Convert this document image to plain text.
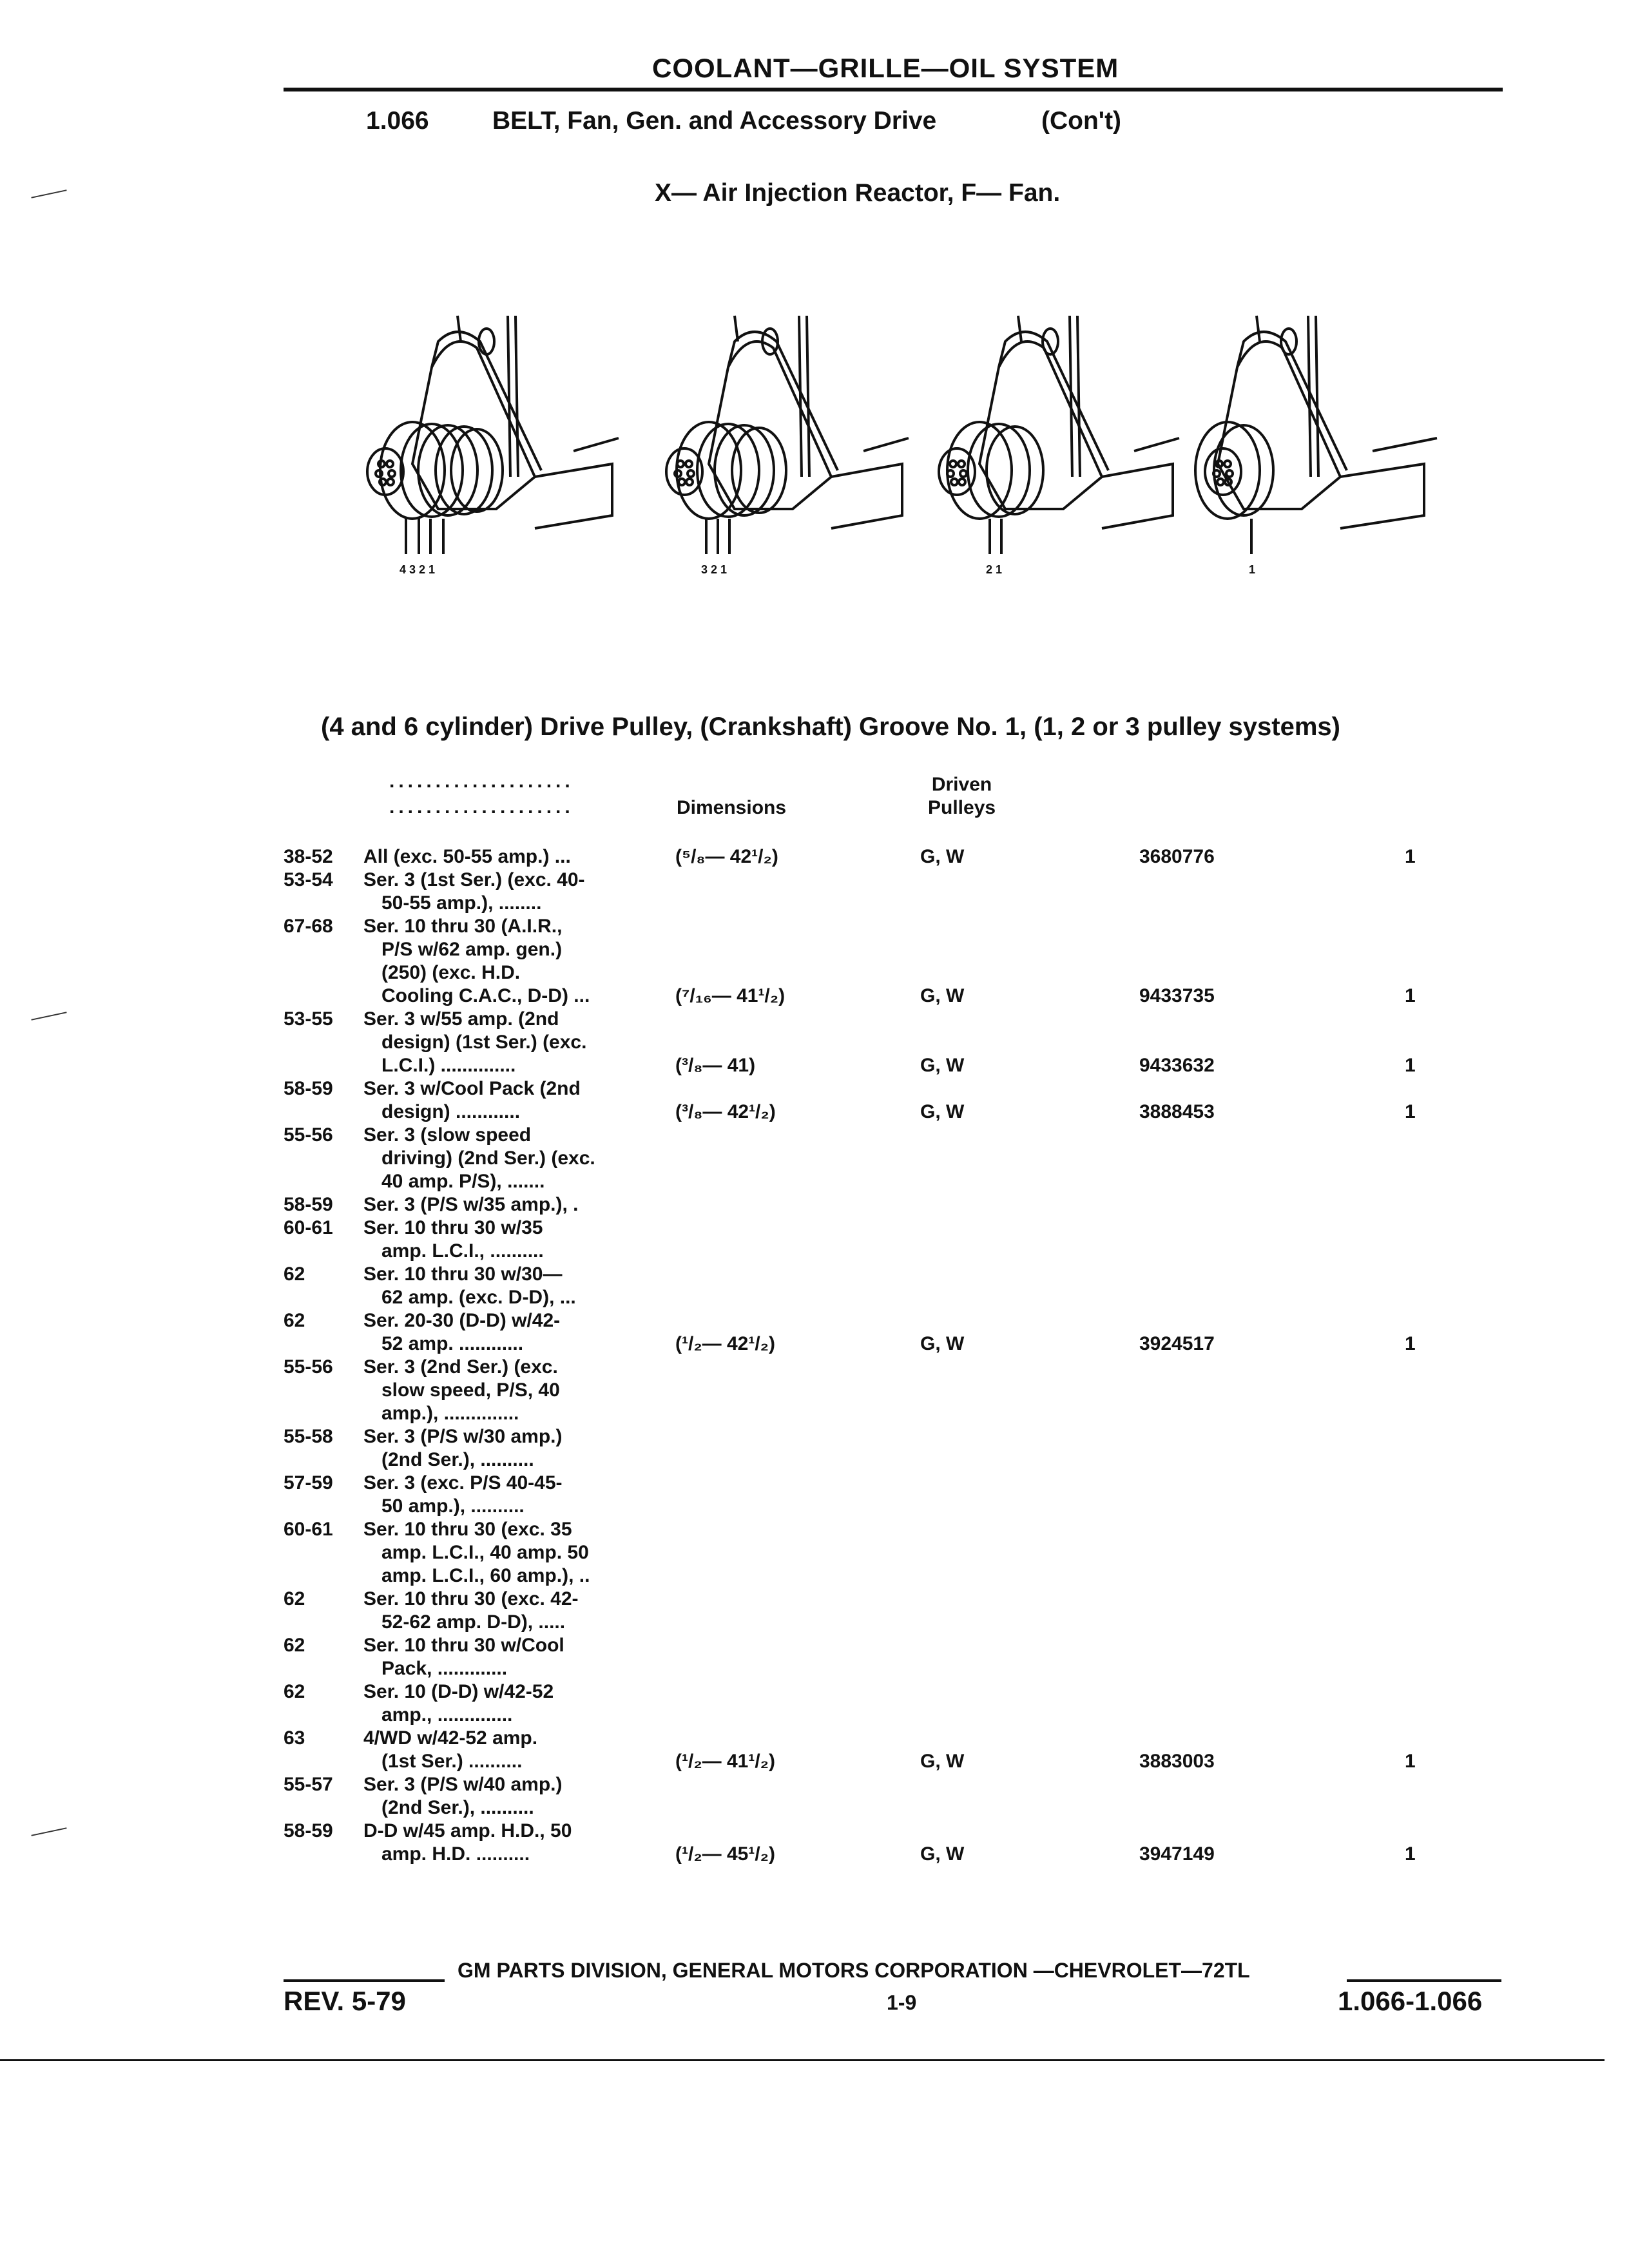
COOLANT—GRILLE—OIL SYSTEM
1.066	BELT, Fan, Gen. and Accessory Drive	(Con't)
X— Air Injection Reactor, F— Fan.
4 3 2 1	3 2 1	2 1	1
(4 and 6 cylinder) Drive Pulley, (Crankshaft) Groove No. 1, (1, 2 or 3 pulley systems)
....................
....................	Dimensions
Driven
Pulleys
38-52	All (exc. 50-55 amp.) ...	(⁵/₈— 42¹/₂)	G, W	3680776	1
53-54	Ser. 3 (1st Ser.) (exc. 40-
50-55 amp.), ........
67-68	Ser. 10 thru 30 (A.I.R.,
P/S w/62 amp. gen.)
(250) (exc. H.D.
Cooling C.A.C., D-D) ...	(⁷/₁₆— 41¹/₂)	G, W	9433735	1
53-55	Ser. 3 w/55 amp. (2nd
design) (1st Ser.) (exc.
L.C.I.) ..............	(³/₈— 41)	G, W	9433632	1
58-59	Ser. 3 w/Cool Pack (2nd
design) ............	(³/₈— 42¹/₂)	G, W	3888453	1
55-56	Ser. 3 (slow speed
driving) (2nd Ser.) (exc.
40 amp. P/S), .......
58-59	Ser. 3 (P/S w/35 amp.), .
60-61	Ser. 10 thru 30 w/35
amp. L.C.I., ..........
62	Ser. 10 thru 30 w/30—
62 amp. (exc. D-D), ...
62	Ser. 20-30 (D-D) w/42-
52 amp. ............	(¹/₂— 42¹/₂)	G, W	3924517	1
55-56	Ser. 3 (2nd Ser.) (exc.
slow speed, P/S, 40
amp.), ..............
55-58	Ser. 3 (P/S w/30 amp.)
(2nd Ser.), ..........
57-59	Ser. 3 (exc. P/S 40-45-
50 amp.), ..........
60-61	Ser. 10 thru 30 (exc. 35
amp. L.C.I., 40 amp. 50
amp. L.C.I., 60 amp.), ..
62	Ser. 10 thru 30 (exc. 42-
52-62 amp. D-D), .....
62	Ser. 10 thru 30 w/Cool
Pack, .............
62	Ser. 10 (D-D) w/42-52
amp., ..............
63	4/WD w/42-52 amp.
(1st Ser.) ..........	(¹/₂— 41¹/₂)	G, W	3883003	1
55-57	Ser. 3 (P/S w/40 amp.)
(2nd Ser.), ..........
58-59	D-D w/45 amp. H.D., 50
amp. H.D. ..........	(¹/₂— 45¹/₂)	G, W	3947149	1
GM PARTS DIVISION, GENERAL MOTORS CORPORATION —CHEVROLET—72TL
REV. 5-79	1-9	1.066-1.066
